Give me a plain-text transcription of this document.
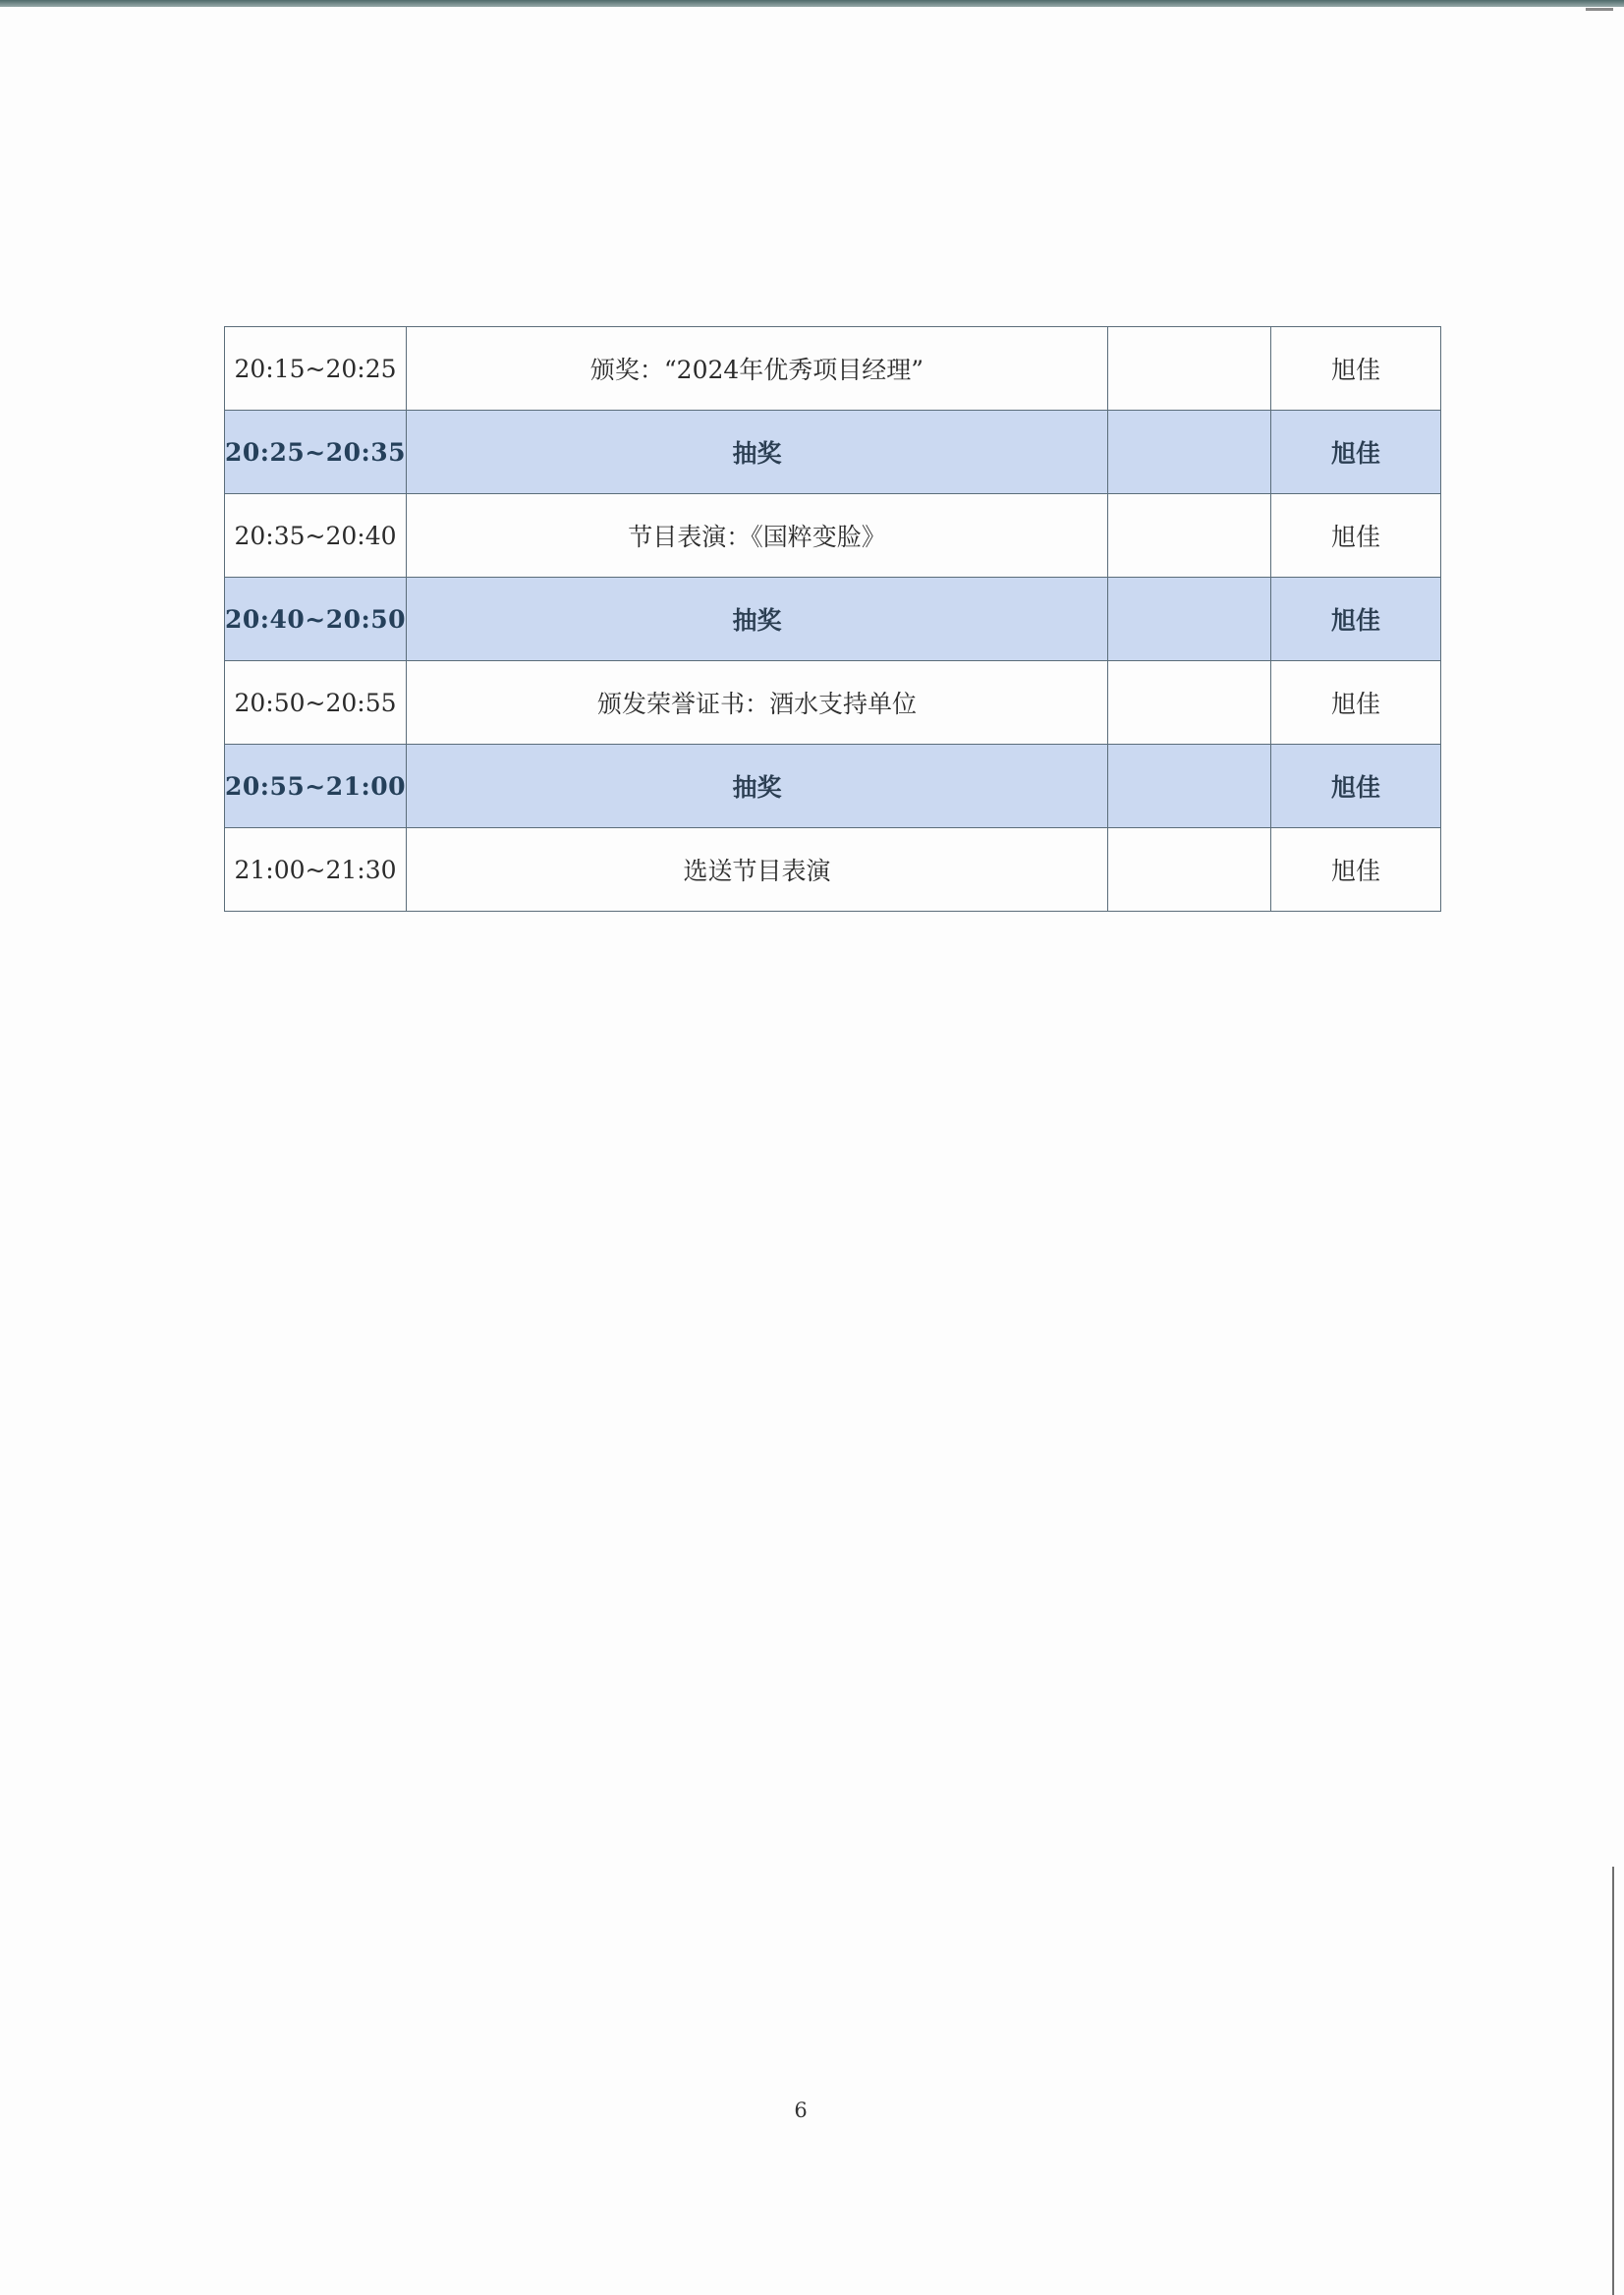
20:15~20:25	颁奖：“2024年优秀项目经理”		旭佳
20:25~20:35	抽奖		旭佳
20:35~20:40	节目表演：《国粹变脸》		旭佳
20:40~20:50	抽奖		旭佳
20:50~20:55	颁发荣誉证书：酒水支持单位		旭佳
20:55~21:00	抽奖		旭佳
21:00~21:30	选送节目表演		旭佳
6
